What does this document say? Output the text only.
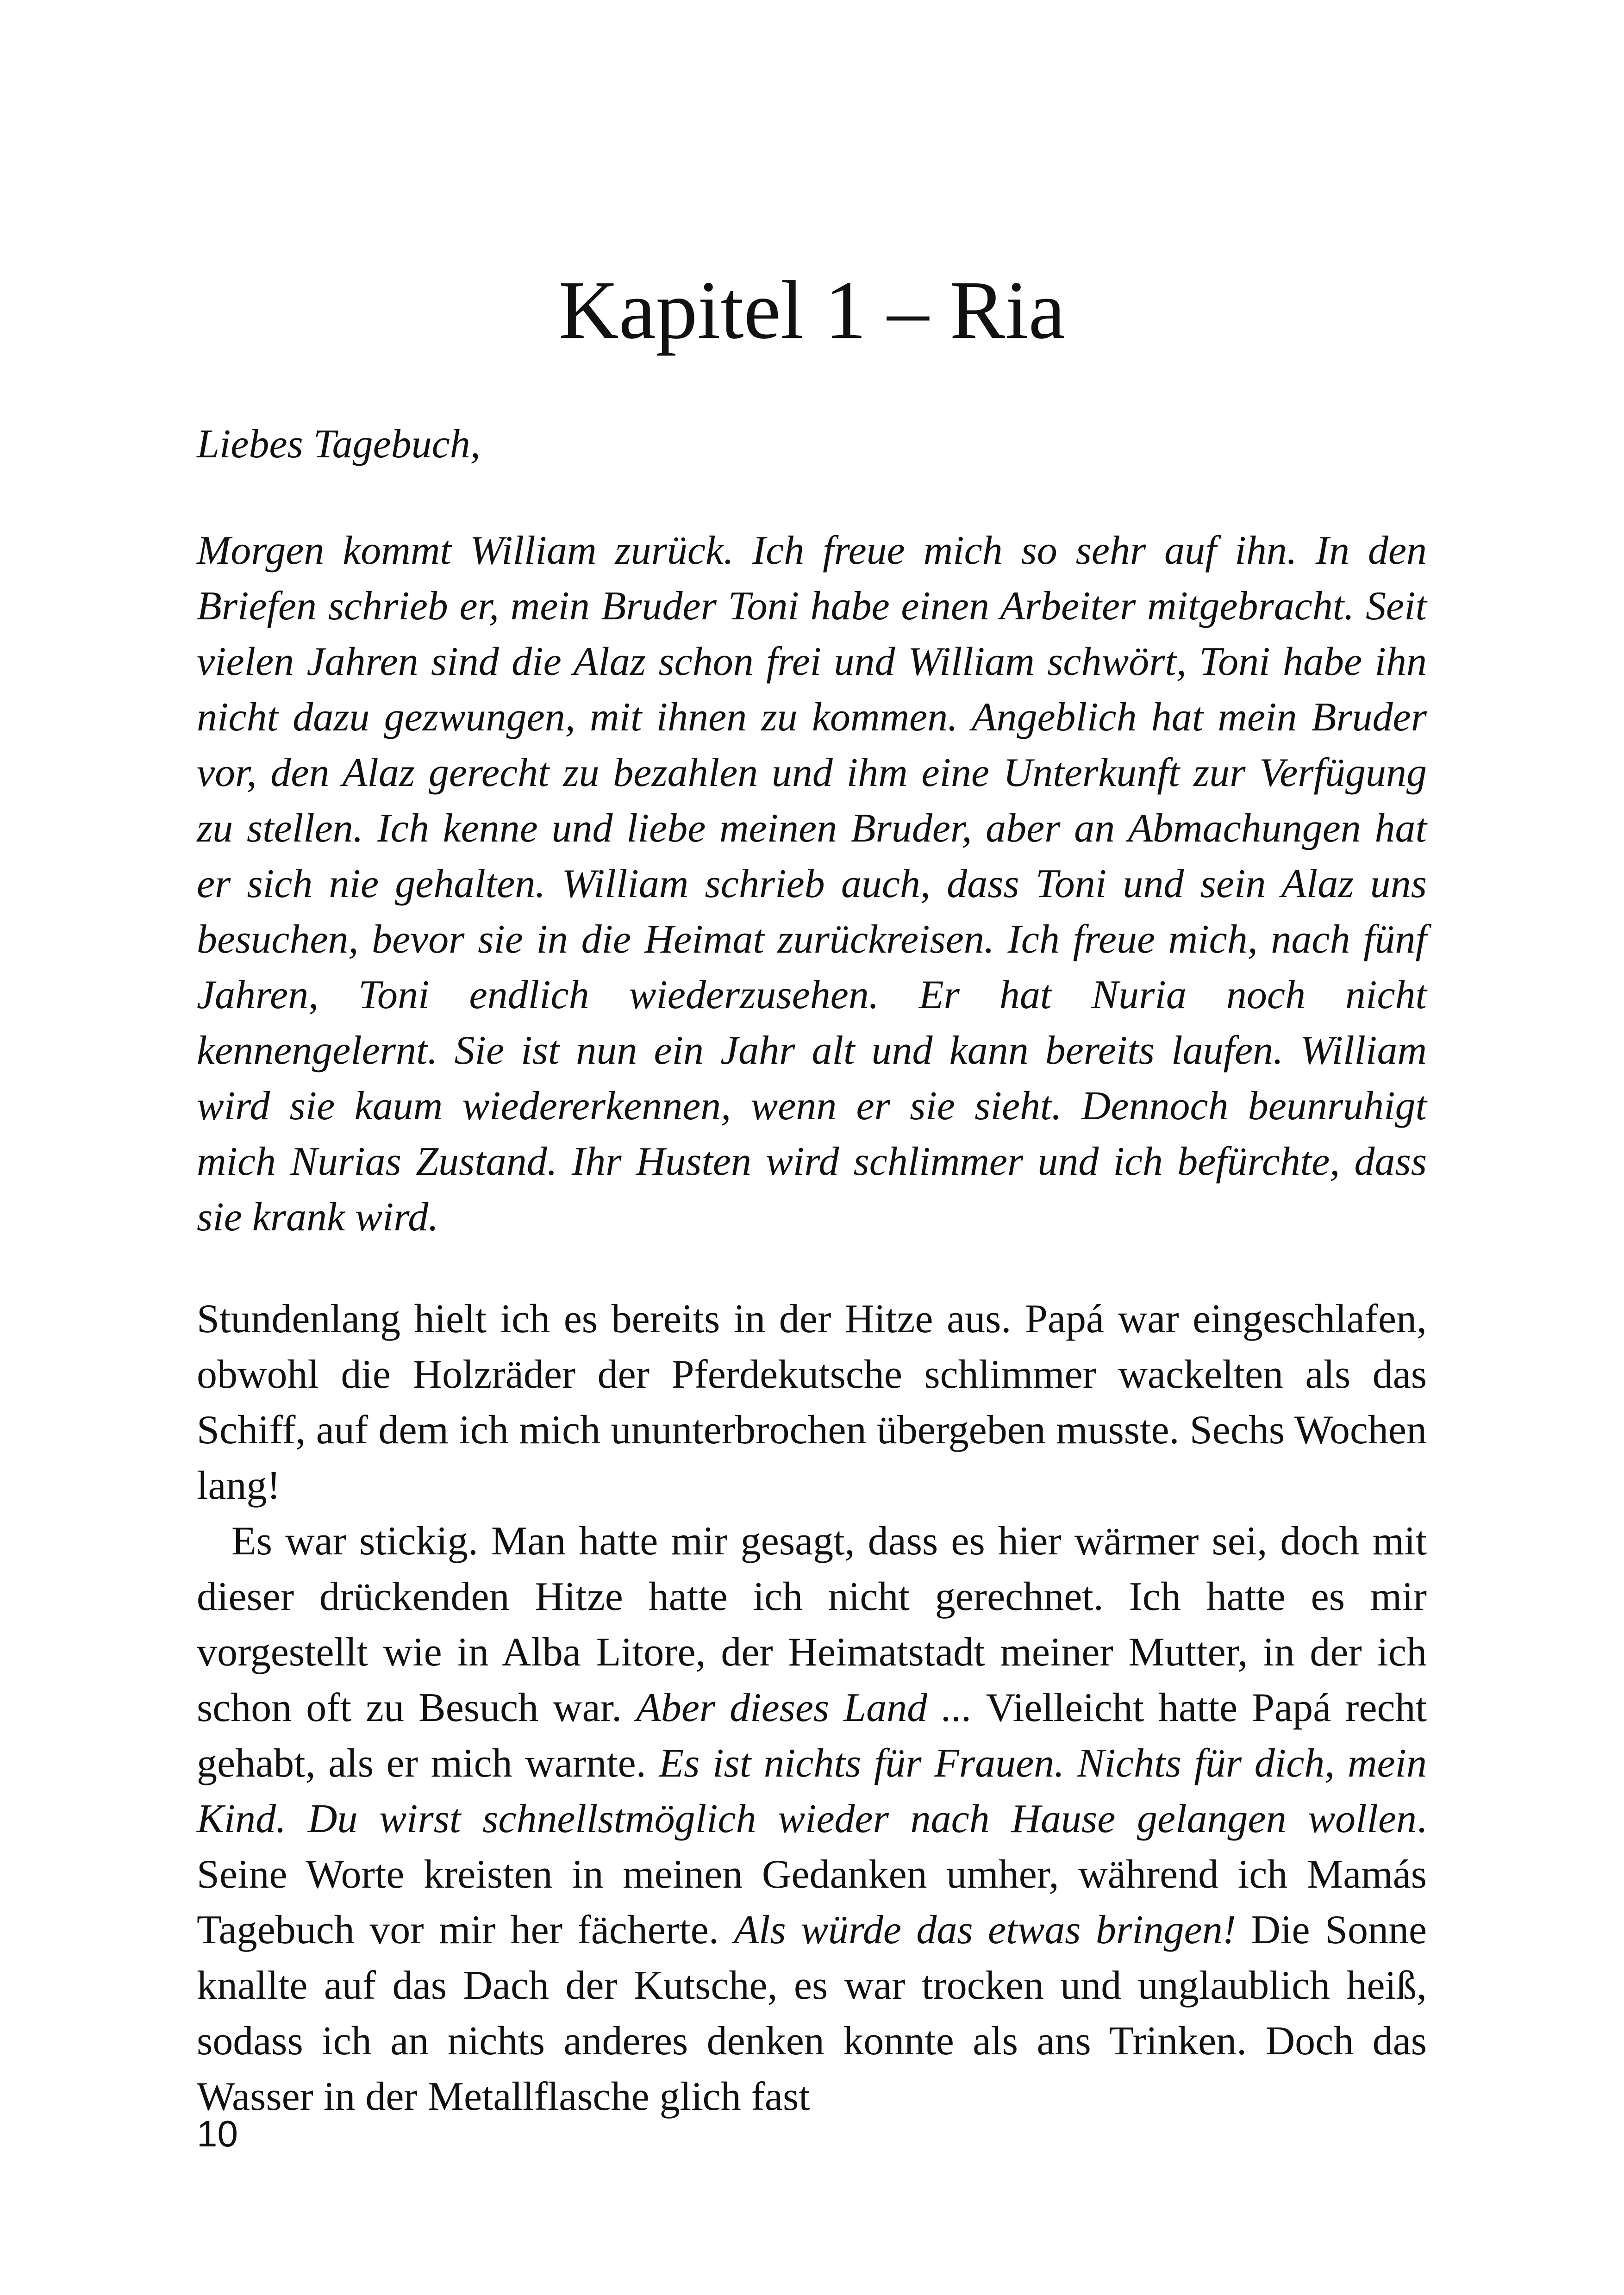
Kapitel 1 – Ria

Liebes Tagebuch,

Morgen kommt William zurück. Ich freue mich so sehr auf ihn. In den Briefen schrieb er, mein Bruder Toni habe einen Arbeiter mitgebracht. Seit vielen Jahren sind die Alaz schon frei und William schwört, Toni habe ihn nicht dazu gezwungen, mit ihnen zu kommen. Angeblich hat mein Bruder vor, den Alaz gerecht zu bezahlen und ihm eine Unterkunft zur Verfügung zu stellen. Ich kenne und liebe meinen Bruder, aber an Abmachungen hat er sich nie gehalten. William schrieb auch, dass Toni und sein Alaz uns besuchen, bevor sie in die Heimat zurückreisen. Ich freue mich, nach fünf Jahren, Toni endlich wiederzusehen. Er hat Nuria noch nicht kennengelernt. Sie ist nun ein Jahr alt und kann bereits laufen. William wird sie kaum wiedererkennen, wenn er sie sieht. Dennoch beunruhigt mich Nurias Zustand. Ihr Husten wird schlimmer und ich befürchte, dass sie krank wird.

Stundenlang hielt ich es bereits in der Hitze aus. Papá war eingeschlafen, obwohl die Holzräder der Pferdekutsche schlimmer wackelten als das Schiff, auf dem ich mich ununterbrochen übergeben musste. Sechs Wochen lang!

Es war stickig. Man hatte mir gesagt, dass es hier wärmer sei, doch mit dieser drückenden Hitze hatte ich nicht gerechnet. Ich hatte es mir vorgestellt wie in Alba Litore, der Heimatstadt meiner Mutter, in der ich schon oft zu Besuch war. Aber dieses Land ... Vielleicht hatte Papá recht gehabt, als er mich warnte. Es ist nichts für Frauen. Nichts für dich, mein Kind. Du wirst schnellstmöglich wieder nach Hause gelangen wollen. Seine Worte kreisten in meinen Gedanken umher, während ich Mamás Tagebuch vor mir her fächerte. Als würde das etwas bringen! Die Sonne knallte auf das Dach der Kutsche, es war trocken und unglaublich heiß, sodass ich an nichts anderes denken konnte als ans Trinken. Doch das Wasser in der Metallflasche glich fast

10
